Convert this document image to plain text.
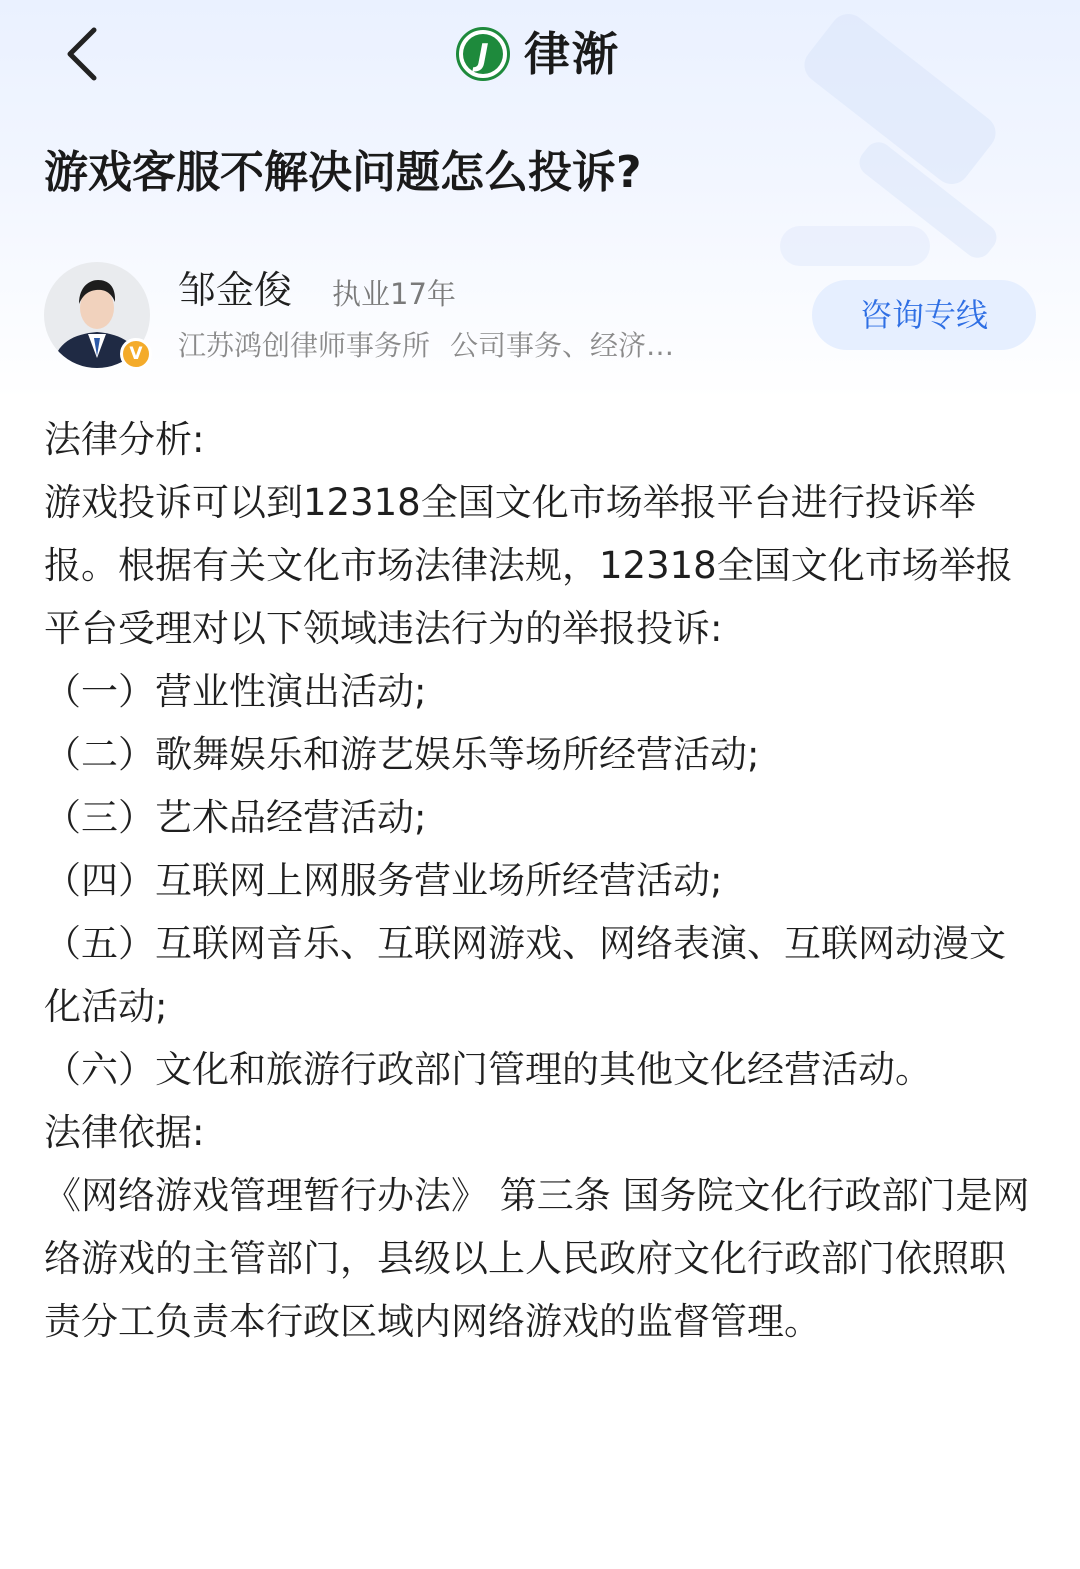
J 律渐
游戏客服不解决问题怎么投诉?
V
邹金俊 执业17年
江苏鸿创律师事务所 公司事务、经济…
咨询专线

法律分析:

游戏投诉可以到12318全国文化市场举报平台进行投诉举报。根据有关文化市场法律法规，12318全国文化市场举报平台受理对以下领域违法行为的举报投诉:

（一）营业性演出活动;

（二）歌舞娱乐和游艺娱乐等场所经营活动;

（三）艺术品经营活动;

（四）互联网上网服务营业场所经营活动;

（五）互联网音乐、互联网游戏、网络表演、互联网动漫文化活动;

（六）文化和旅游行政部门管理的其他文化经营活动。

法律依据:

《网络游戏管理暂行办法》 第三条 国务院文化行政部门是网络游戏的主管部门，县级以上人民政府文化行政部门依照职责分工负责本行政区域内网络游戏的监督管理。
